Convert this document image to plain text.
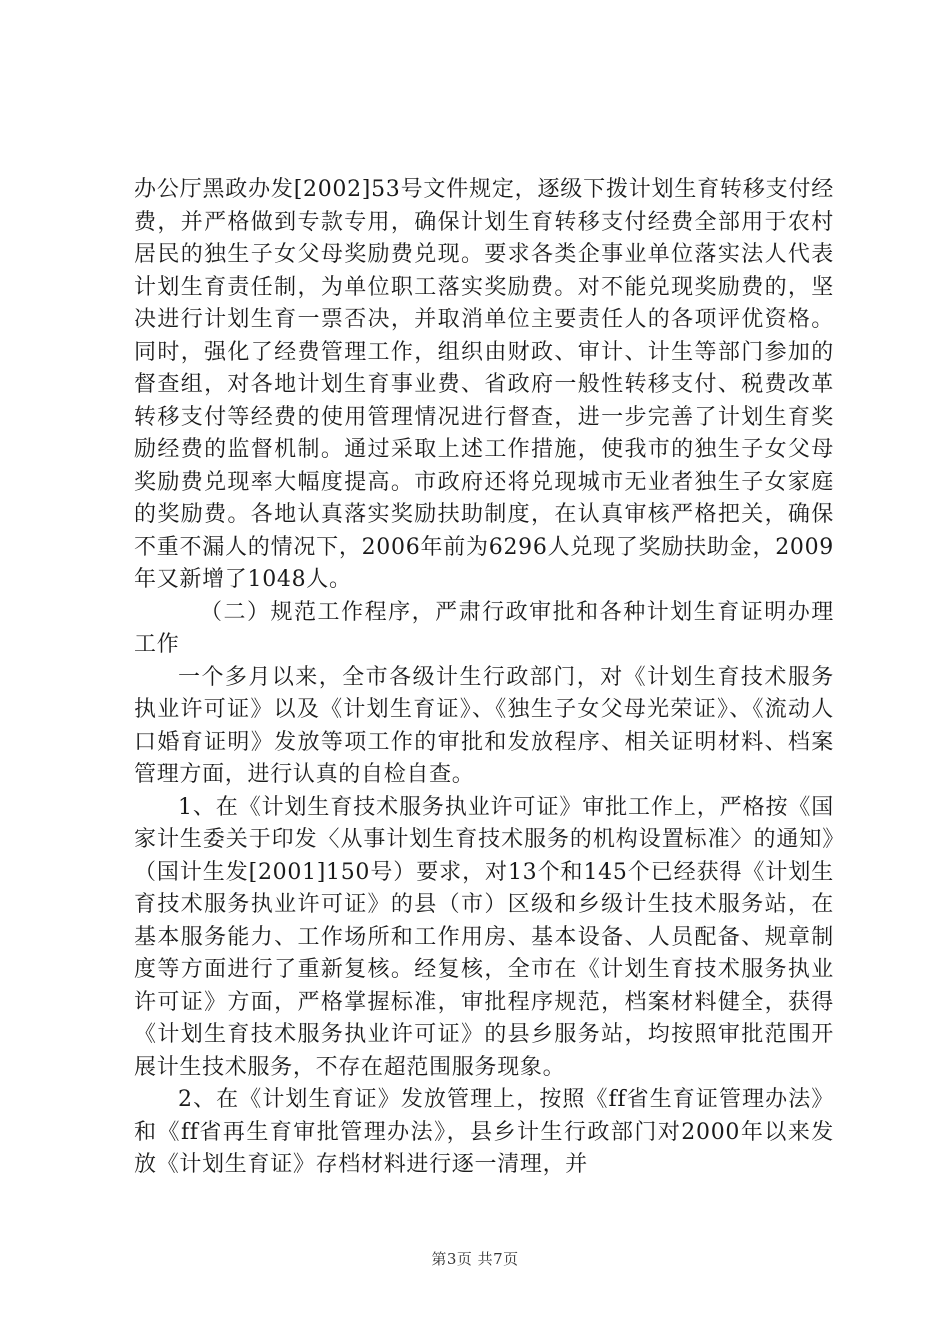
办公厅黑政办发[2002]53号文件规定，逐级下拨计划生育转移支付经费，并严格做到专款专用，确保计划生育转移支付经费全部用于农村居民的独生子女父母奖励费兑现。要求各类企事业单位落实法人代表计划生育责任制，为单位职工落实奖励费。对不能兑现奖励费的，坚决进行计划生育一票否决，并取消单位主要责任人的各项评优资格。同时，强化了经费管理工作，组织由财政、审计、计生等部门参加的督查组，对各地计划生育事业费、省政府一般性转移支付、税费改革转移支付等经费的使用管理情况进行督查，进一步完善了计划生育奖励经费的监督机制。通过采取上述工作措施，使我市的独生子女父母奖励费兑现率大幅度提高。市政府还将兑现城市无业者独生子女家庭的奖励费。各地认真落实奖励扶助制度，在认真审核严格把关，确保不重不漏人的情况下，2006年前为6296人兑现了奖励扶助金，2009年又新增了1048人。

（二）规范工作程序，严肃行政审批和各种计划生育证明办理工作

一个多月以来，全市各级计生行政部门，对《计划生育技术服务执业许可证》以及《计划生育证》、《独生子女父母光荣证》、《流动人口婚育证明》发放等项工作的审批和发放程序、相关证明材料、档案管理方面，进行认真的自检自查。

1、在《计划生育技术服务执业许可证》审批工作上，严格按《国家计生委关于印发〈从事计划生育技术服务的机构设置标准〉的通知》（国计生发[2001]150号）要求，对13个和145个已经获得《计划生育技术服务执业许可证》的县（市）区级和乡级计生技术服务站，在基本服务能力、工作场所和工作用房、基本设备、人员配备、规章制度等方面进行了重新复核。经复核，全市在《计划生育技术服务执业许可证》方面，严格掌握标准，审批程序规范，档案材料健全，获得《计划生育技术服务执业许可证》的县乡服务站，均按照审批范围开展计生技术服务，不存在超范围服务现象。

2、在《计划生育证》发放管理上，按照《ff省生育证管理办法》和《ff省再生育审批管理办法》，县乡计生行政部门对2000年以来发放《计划生育证》存档材料进行逐一清理，并

第3页 共7页
